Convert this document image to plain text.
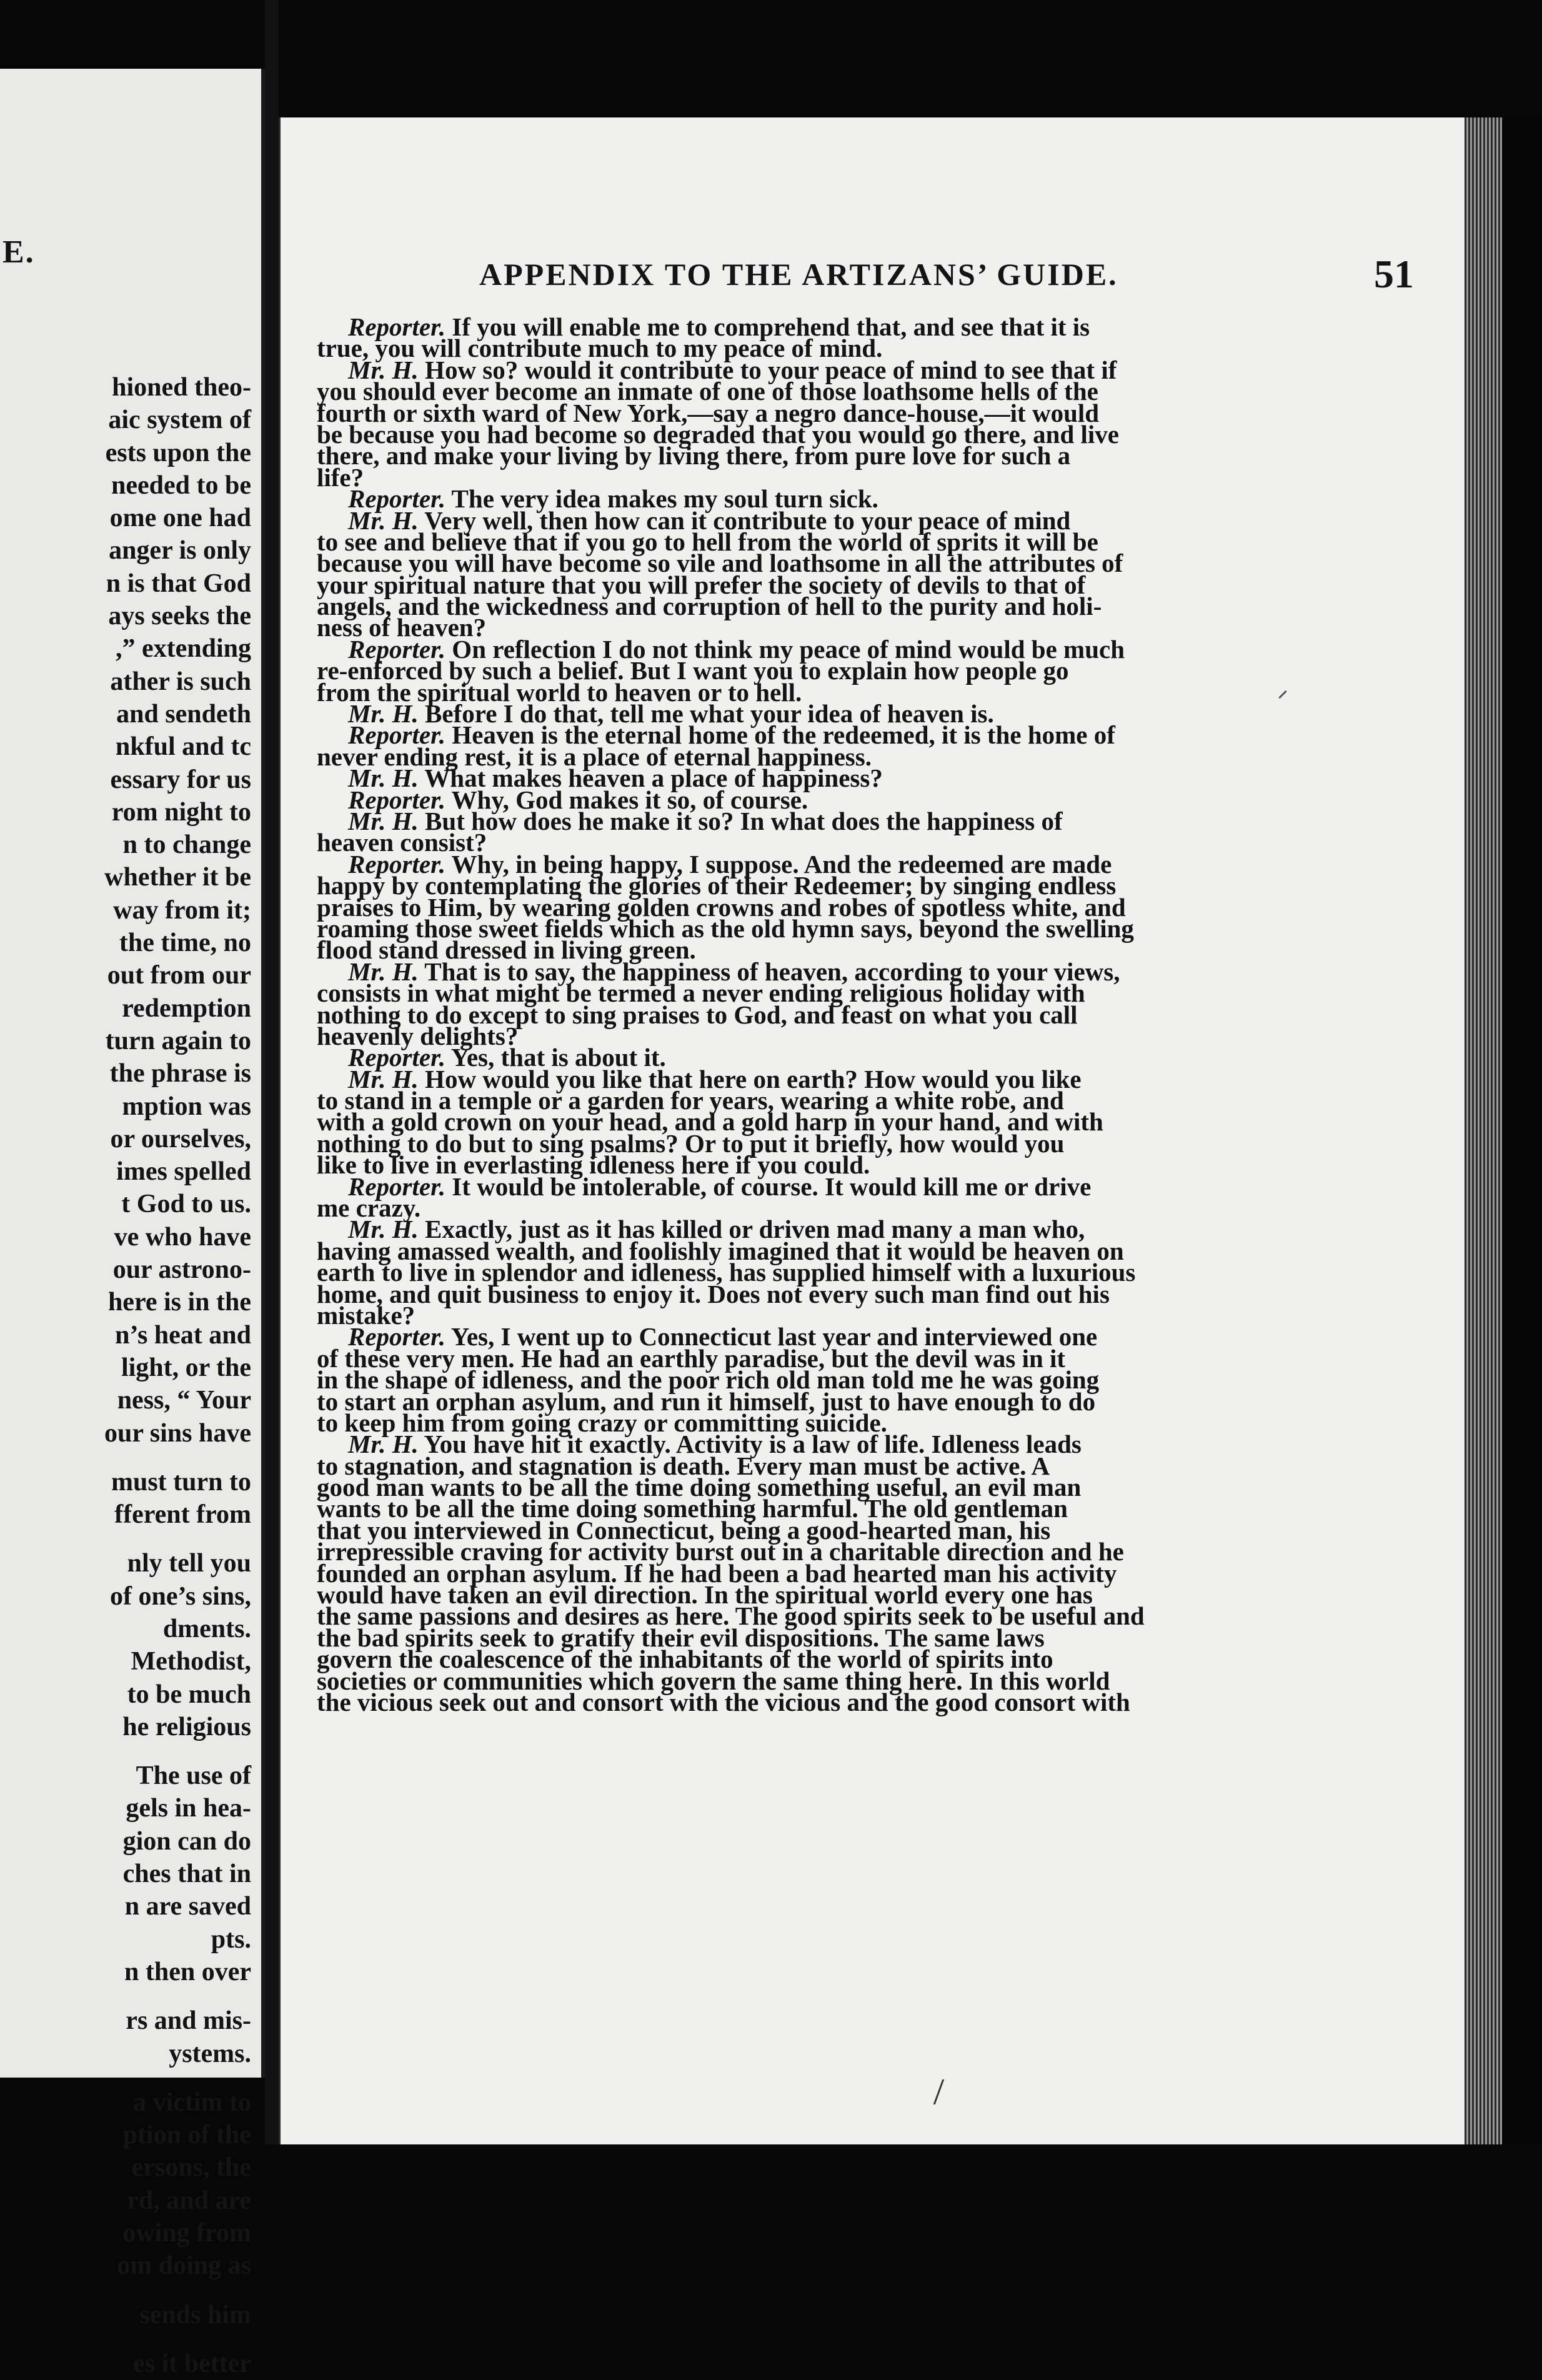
E.
hioned theo-
aic system of
ests upon the
needed to be
ome one had
anger is only
n is that God
ays seeks the
,” extending
ather is such
and sendeth
nkful and tc
essary for us
rom night to
n to change
whether it be
way from it;
the time, no
out from our
redemption
turn again to
the phrase is
mption was
or ourselves,
imes spelled
t God to us.
ve who have
our astrono-
here is in the
n’s heat and
light, or the
ness, “ Your
our sins have
must turn to
fferent from
nly tell you
of one’s sins,
dments.
Methodist,
to be much
he religious
The use of
gels in hea-
gion can do
ches that in
n are saved
pts.
n then over
rs and mis-
ystems.
a victim to
ption of the
ersons, the
rd, and are
owing from
om doing as
sends him
es it better
APPENDIX TO THE ARTIZANS’ GUIDE.	51
Reporter. If you will enable me to comprehend that, and see that it is
true, you will contribute much to my peace of mind.
Mr. H. How so? would it contribute to your peace of mind to see that if
you should ever become an inmate of one of those loathsome hells of the
fourth or sixth ward of New York,—say a negro dance-house,—it would
be because you had become so degraded that you would go there, and live
there, and make your living by living there, from pure love for such a
life?
Reporter. The very idea makes my soul turn sick.
Mr. H. Very well, then how can it contribute to your peace of mind
to see and believe that if you go to hell from the world of sprits it will be
because you will have become so vile and loathsome in all the attributes of
your spiritual nature that you will prefer the society of devils to that of
angels, and the wickedness and corruption of hell to the purity and holi-
ness of heaven?
Reporter. On reflection I do not think my peace of mind would be much
re-enforced by such a belief. But I want you to explain how people go
from the spiritual world to heaven or to hell.
Mr. H. Before I do that, tell me what your idea of heaven is.
Reporter. Heaven is the eternal home of the redeemed, it is the home of
never ending rest, it is a place of eternal happiness.
Mr. H. What makes heaven a place of happiness?
Reporter. Why, God makes it so, of course.
Mr. H. But how does he make it so? In what does the happiness of
heaven consist?
Reporter. Why, in being happy, I suppose. And the redeemed are made
happy by contemplating the glories of their Redeemer; by singing endless
praises to Him, by wearing golden crowns and robes of spotless white, and
roaming those sweet fields which as the old hymn says, beyond the swelling
flood stand dressed in living green.
Mr. H. That is to say, the happiness of heaven, according to your views,
consists in what might be termed a never ending religious holiday with
nothing to do except to sing praises to God, and feast on what you call
heavenly delights?
Reporter. Yes, that is about it.
Mr. H. How would you like that here on earth? How would you like
to stand in a temple or a garden for years, wearing a white robe, and
with a gold crown on your head, and a gold harp in your hand, and with
nothing to do but to sing psalms? Or to put it briefly, how would you
like to live in everlasting idleness here if you could.
Reporter. It would be intolerable, of course. It would kill me or drive
me crazy.
Mr. H. Exactly, just as it has killed or driven mad many a man who,
having amassed wealth, and foolishly imagined that it would be heaven on
earth to live in splendor and idleness, has supplied himself with a luxurious
home, and quit business to enjoy it. Does not every such man find out his
mistake?
Reporter. Yes, I went up to Connecticut last year and interviewed one
of these very men. He had an earthly paradise, but the devil was in it
in the shape of idleness, and the poor rich old man told me he was going
to start an orphan asylum, and run it himself, just to have enough to do
to keep him from going crazy or committing suicide.
Mr. H. You have hit it exactly. Activity is a law of life. Idleness leads
to stagnation, and stagnation is death. Every man must be active. A
good man wants to be all the time doing something useful, an evil man
wants to be all the time doing something harmful. The old gentleman
that you interviewed in Connecticut, being a good-hearted man, his
irrepressible craving for activity burst out in a charitable direction and he
founded an orphan asylum. If he had been a bad hearted man his activity
would have taken an evil direction. In the spiritual world every one has
the same passions and desires as here. The good spirits seek to be useful and
the bad spirits seek to gratify their evil dispositions. The same laws
govern the coalescence of the inhabitants of the world of spirits into
societies or communities which govern the same thing here. In this world
the vicious seek out and consort with the vicious and the good consort with
